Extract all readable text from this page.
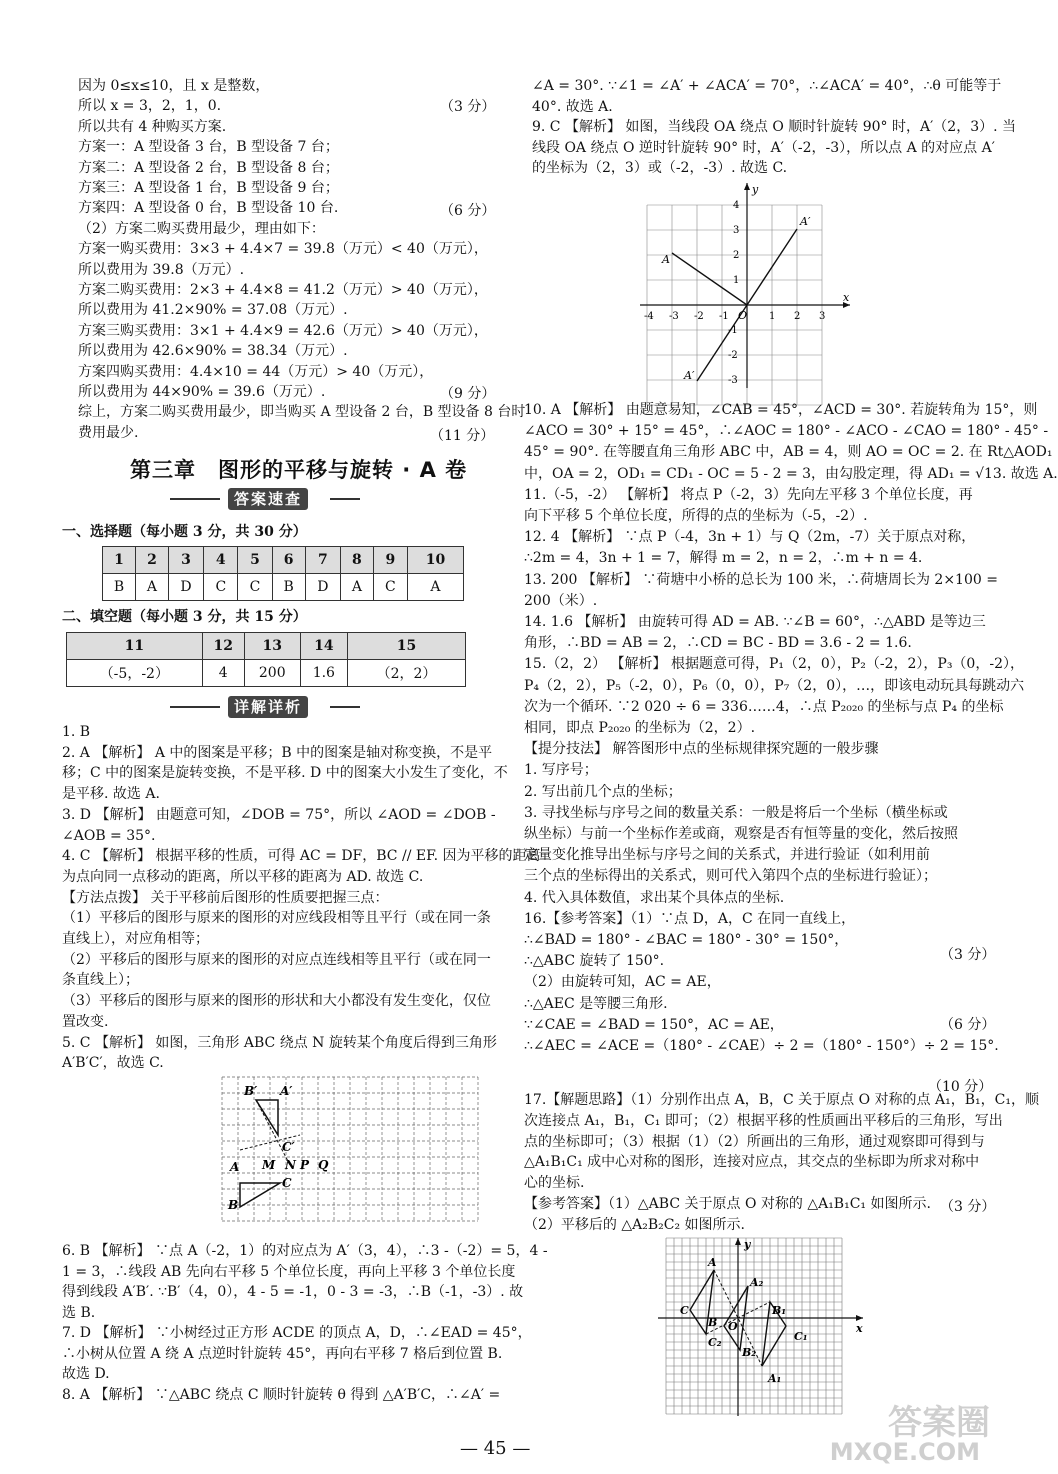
因为 0≤x≤10，且 x 是整数，
所以 x = 3，2，1，0.
所以共有 4 种购买方案.
方案一：A 型设备 3 台，B 型设备 7 台；
方案二：A 型设备 2 台，B 型设备 8 台；
方案三：A 型设备 1 台，B 型设备 9 台；
方案四：A 型设备 0 台，B 型设备 10 台.
（2）方案二购买费用最少，理由如下：
方案一购买费用：3×3 + 4.4×7 = 39.8（万元）< 40（万元），
所以费用为 39.8（万元）.
方案二购买费用：2×3 + 4.4×8 = 41.2（万元）> 40（万元），
所以费用为 41.2×90% = 37.08（万元）.
方案三购买费用：3×1 + 4.4×9 = 42.6（万元）> 40（万元），
所以费用为 42.6×90% = 38.34（万元）.
方案四购买费用：4.4×10 = 44（万元）> 40（万元），
所以费用为 44×90% = 39.6（万元）.
综上，方案二购买费用最少，即当购买 A 型设备 2 台，B 型设备 8 台时
费用最少.
（3 分）
（6 分）
（9 分）
（11 分）
第三章　图形的平移与旋转 · A 卷
答案速查
一、选择题（每小题 3 分，共 30 分）
1	2	3	4	5	6	7	8	9	10
B	A	D	C	C	B	D	A	C	A
二、填空题（每小题 3 分，共 15 分）
11	12	13	14	15
（-5，-2）	4	200	1.6	（2，2）
详解详析
1. B
2. A 【解析】 A 中的图案是平移；B 中的图案是轴对称变换，不是平
移；C 中的图案是旋转变换，不是平移. D 中的图案大小发生了变化，不
是平移. 故选 A.
3. D 【解析】 由题意可知，∠DOB = 75°，所以 ∠AOD = ∠DOB -
∠AOB = 35°.
4. C 【解析】 根据平移的性质，可得 AC = DF，BC // EF. 因为平移的距离
为点向同一点移动的距离，所以平移的距离为 AD. 故选 C.
【方法点拨】 关于平移前后图形的性质要把握三点：
（1）平移后的图形与原来的图形的对应线段相等且平行（或在同一条
直线上），对应角相等；
（2）平移后的图形与原来的图形的对应点连线相等且平行（或在同一
条直线上）；
（3）平移后的图形与原来的图形的形状和大小都没有发生变化，仅位
置改变.
5. C 【解析】 如图，三角形 ABC 绕点 N 旋转某个角度后得到三角形
A′B′C′，故选 C.
B′ A′
C′
A M N P Q
C
B
6. B 【解析】 ∵点 A（-2，1）的对应点为 A′（3，4），∴3 -（-2）= 5，4 -
1 = 3，∴线段 AB 先向右平移 5 个单位长度，再向上平移 3 个单位长度
得到线段 A′B′. ∵B′（4，0），4 - 5 = -1，0 - 3 = -3，∴B（-1，-3）. 故
选 B.
7. D 【解析】 ∵小树经过正方形 ACDE 的顶点 A，D，∴∠EAD = 45°，
∴小树从位置 A 绕 A 点逆时针旋转 45°，再向右平移 7 格后到位置 B.
故选 D.
8. A 【解析】 ∵△ABC 绕点 C 顺时针旋转 θ 得到 △A′B′C，∴∠A′ =
∠A = 30°. ∵∠1 = ∠A′ + ∠ACA′ = 70°，∴∠ACA′ = 40°，∴θ 可能等于
40°. 故选 A.
9. C 【解析】 如图，当线段 OA 绕点 O 顺时针旋转 90° 时，A′（2，3）. 当
线段 OA 绕点 O 逆时针旋转 90° 时，A′（-2，-3），所以点 A 的对应点 A′
的坐标为（2，3）或（-2，-3）. 故选 C.
x
y
A
A′
A′
O
-4 -3 -2 -1	1 2 3
4
3
2
1
-1
-2
-3
10. A 【解析】 由题意易知，∠CAB = 45°，∠ACD = 30°. 若旋转角为 15°，则
∠ACO = 30° + 15° = 45°，∴∠AOC = 180° - ∠ACO - ∠CAO = 180° - 45° -
45° = 90°. 在等腰直角三角形 ABC 中，AB = 4，则 AO = OC = 2. 在 Rt△AOD₁
中，OA = 2，OD₁ = CD₁ - OC = 5 - 2 = 3，由勾股定理，得 AD₁ = √13. 故选 A.
11.（-5，-2） 【解析】 将点 P（-2，3）先向左平移 3 个单位长度，再
向下平移 5 个单位长度，所得的点的坐标为（-5，-2）.
12. 4 【解析】 ∵点 P（-4，3n + 1）与 Q（2m，-7）关于原点对称，
∴2m = 4，3n + 1 = 7，解得 m = 2，n = 2，∴m + n = 4.
13. 200 【解析】 ∵荷塘中小桥的总长为 100 米，∴荷塘周长为 2×100 =
200（米）.
14. 1.6 【解析】 由旋转可得 AD = AB. ∵∠B = 60°，∴△ABD 是等边三
角形，∴BD = AB = 2，∴CD = BC - BD = 3.6 - 2 = 1.6.
15.（2，2） 【解析】 根据题意可得，P₁（2，0），P₂（-2，2），P₃（0，-2），
P₄（2，2），P₅（-2，0），P₆（0，0），P₇（2，0），…，即该电动玩具每跳动六
次为一个循环. ∵2 020 ÷ 6 = 336……4，∴点 P₂₀₂₀ 的坐标与点 P₄ 的坐标
相同，即点 P₂₀₂₀ 的坐标为（2，2）.
【提分技法】 解答图形中点的坐标规律探究题的一般步骤
1. 写序号；
2. 写出前几个点的坐标；
3. 寻找坐标与序号之间的数量关系：一般是将后一个坐标（横坐标或
纵坐标）与前一个坐标作差或商，观察是否有恒等量的变化，然后按照
定量变化推导出坐标与序号之间的关系式，并进行验证（如利用前
三个点的坐标得出的关系式，则可代入第四个点的坐标进行验证）；
4. 代入具体数值，求出某个具体点的坐标.
16.【参考答案】（1）∵点 D，A，C 在同一直线上，
∴∠BAD = 180° - ∠BAC = 180° - 30° = 150°，
∴△ABC 旋转了 150°.
（2）由旋转可知，AC = AE，
∴△AEC 是等腰三角形.
∵∠CAE = ∠BAD = 150°，AC = AE，
∴∠AEC = ∠ACE =（180° - ∠CAE）÷ 2 =（180° - 150°）÷ 2 = 15°.
（3 分）
（6 分）
（10 分）
17.【解题思路】（1）分别作出点 A，B，C 关于原点 O 对称的点 A₁，B₁，C₁，顺
次连接点 A₁，B₁，C₁ 即可；（2）根据平移的性质画出平移后的三角形，写出
点的坐标即可；（3）根据（1）（2）所画出的三角形，通过观察即可得到与
△A₁B₁C₁ 成中心对称的图形，连接对应点，其交点的坐标即为所求对称中
心的坐标.
【参考答案】（1）△ABC 关于原点 O 对称的 △A₁B₁C₁ 如图所示.
（2）平移后的 △A₂B₂C₂ 如图所示.
（3 分）
y
x
A
A₂
B₁
C
B O
C₁
C₂
B₂
A₁
— 45 —
答案圈
MXQE.COM
